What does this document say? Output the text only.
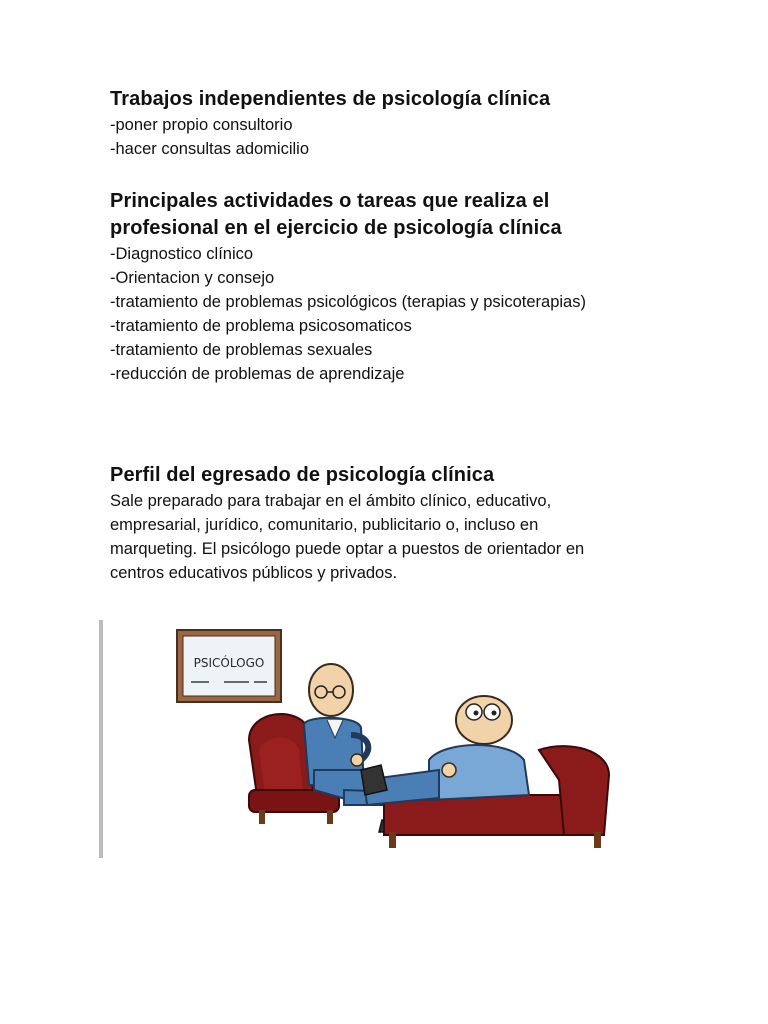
Trabajos independientes de psicología clínica

-poner propio consultorio

-hacer consultas adomicilio

Principales actividades o tareas que realiza el
profesional en el ejercicio de psicología clínica

-Diagnostico clínico

-Orientacion y consejo

-tratamiento de problemas psicológicos (terapias y psicoterapias)

-tratamiento de problema psicosomaticos

-tratamiento de problemas sexuales

-reducción de problemas de aprendizaje

Perfil del egresado de psicología clínica

Sale preparado para trabajar en el ámbito clínico, educativo,

empresarial, jurídico, comunitario, publicitario o, incluso en

marqueting. El psicólogo puede optar a puestos de orientador en

centros educativos públicos y privados.

PSICÓLOGO
